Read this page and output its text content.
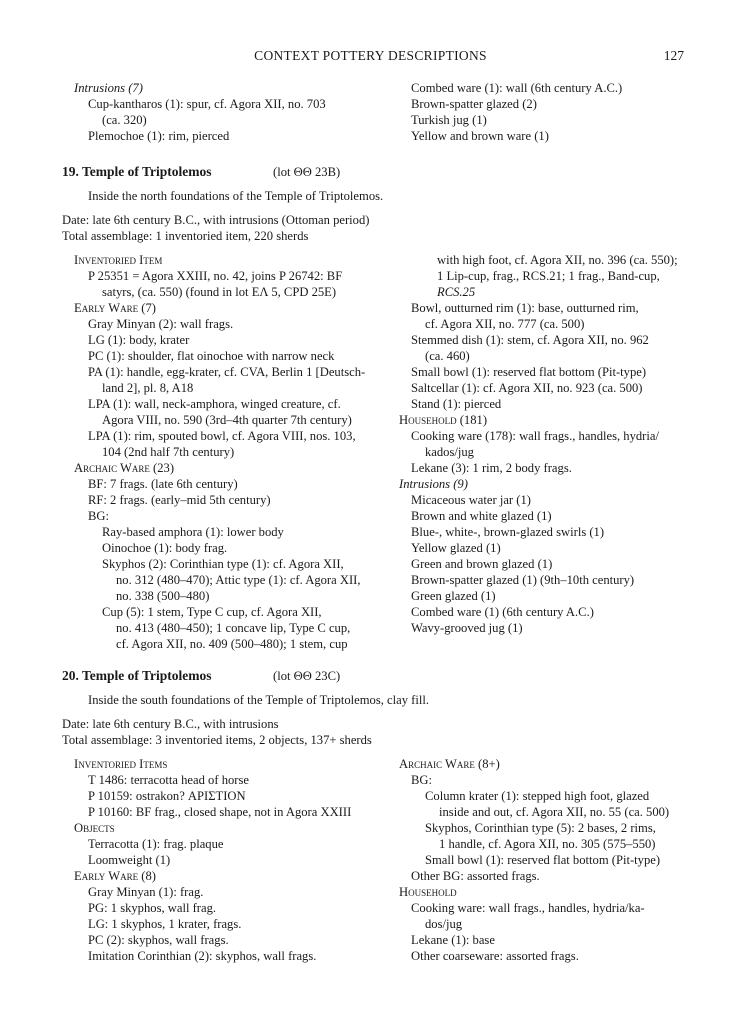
CONTEXT POTTERY DESCRIPTIONS	127
Intrusions (7)
Cup-kantharos (1): spur, cf. Agora XII, no. 703
(ca. 320)
Plemochoe (1): rim, pierced
Combed ware (1): wall (6th century A.C.)
Brown-spatter glazed (2)
Turkish jug (1)
Yellow and brown ware (1)
19. Temple of Triptolemos	(lot ΘΘ 23B)
Inside the north foundations of the Temple of Triptolemos.
Date: late 6th century B.C., with intrusions (Ottoman period)
Total assemblage: 1 inventoried item, 220 sherds
Inventoried Item
P 25351 = Agora XXIII, no. 42, joins P 26742: BF
satyrs, (ca. 550) (found in lot EΛ 5, CPD 25E)
Early Ware (7)
Gray Minyan (2): wall frags.
LG (1): body, krater
PC (1): shoulder, flat oinochoe with narrow neck
PA (1): handle, egg-krater, cf. CVA, Berlin 1 [Deutsch-
land 2], pl. 8, A18
LPA (1): wall, neck-amphora, winged creature, cf.
Agora VIII, no. 590 (3rd–4th quarter 7th century)
LPA (1): rim, spouted bowl, cf. Agora VIII, nos. 103,
104 (2nd half 7th century)
Archaic Ware (23)
BF: 7 frags. (late 6th century)
RF: 2 frags. (early–mid 5th century)
BG:
Ray-based amphora (1): lower body
Oinochoe (1): body frag.
Skyphos (2): Corinthian type (1): cf. Agora XII,
no. 312 (480–470); Attic type (1): cf. Agora XII,
no. 338 (500–480)
Cup (5): 1 stem, Type C cup, cf. Agora XII,
no. 413 (480–450); 1 concave lip, Type C cup,
cf. Agora XII, no. 409 (500–480); 1 stem, cup
with high foot, cf. Agora XII, no. 396 (ca. 550);
1 Lip-cup, frag., RCS.21; 1 frag., Band-cup,
RCS.25
Bowl, outturned rim (1): base, outturned rim,
cf. Agora XII, no. 777 (ca. 500)
Stemmed dish (1): stem, cf. Agora XII, no. 962
(ca. 460)
Small bowl (1): reserved flat bottom (Pit-type)
Saltcellar (1): cf. Agora XII, no. 923 (ca. 500)
Stand (1): pierced
Household (181)
Cooking ware (178): wall frags., handles, hydria/
kados/jug
Lekane (3): 1 rim, 2 body frags.
Intrusions (9)
Micaceous water jar (1)
Brown and white glazed (1)
Blue-, white-, brown-glazed swirls (1)
Yellow glazed (1)
Green and brown glazed (1)
Brown-spatter glazed (1) (9th–10th century)
Green glazed (1)
Combed ware (1) (6th century A.C.)
Wavy-grooved jug (1)
20. Temple of Triptolemos	(lot ΘΘ 23C)
Inside the south foundations of the Temple of Triptolemos, clay fill.
Date: late 6th century B.C., with intrusions
Total assemblage: 3 inventoried items, 2 objects, 137+ sherds
Inventoried Items
T 1486: terracotta head of horse
P 10159: ostrakon? ΑΡΙΣΤΙΟΝ
P 10160: BF frag., closed shape, not in Agora XXIII
Objects
Terracotta (1): frag. plaque
Loomweight (1)
Early Ware (8)
Gray Minyan (1): frag.
PG: 1 skyphos, wall frag.
LG: 1 skyphos, 1 krater, frags.
PC (2): skyphos, wall frags.
Imitation Corinthian (2): skyphos, wall frags.
Archaic Ware (8+)
BG:
Column krater (1): stepped high foot, glazed
inside and out, cf. Agora XII, no. 55 (ca. 500)
Skyphos, Corinthian type (5): 2 bases, 2 rims,
1 handle, cf. Agora XII, no. 305 (575–550)
Small bowl (1): reserved flat bottom (Pit-type)
Other BG: assorted frags.
Household
Cooking ware: wall frags., handles, hydria/ka-
dos/jug
Lekane (1): base
Other coarseware: assorted frags.
